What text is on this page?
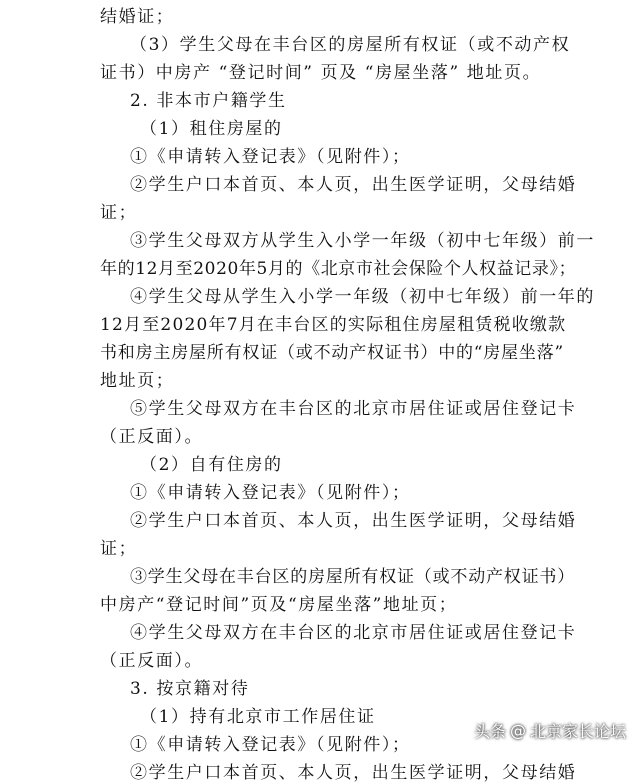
结婚证；
（3）学生父母在丰台区的房屋所有权证（或不动产权
证书）中房产 “登记时间” 页及 “房屋坐落” 地址页。
2. 非本市户籍学生
（1）租住房屋的
①《申请转入登记表》（见附件）；
②学生户口本首页、本人页，出生医学证明，父母结婚
证；
③学生父母双方从学生入小学一年级（初中七年级）前一
年的12月至2020年5月的《北京市社会保险个人权益记录》；
④学生父母从学生入小学一年级（初中七年级）前一年的
12月至2020年7月在丰台区的实际租住房屋租赁税收缴款
书和房主房屋所有权证（或不动产权证书）中的“房屋坐落”
地址页；
⑤学生父母双方在丰台区的北京市居住证或居住登记卡
（正反面）。
（2）自有住房的
①《申请转入登记表》（见附件）；
②学生户口本首页、本人页，出生医学证明，父母结婚
证；
③学生父母在丰台区的房屋所有权证（或不动产权证书）
中房产“登记时间”页及“房屋坐落”地址页；
④学生父母双方在丰台区的北京市居住证或居住登记卡
（正反面）。
3. 按京籍对待
（1）持有北京市工作居住证
①《申请转入登记表》（见附件）；
②学生户口本首页、本人页，出生医学证明，父母结婚
头条 @ 北京家长论坛
